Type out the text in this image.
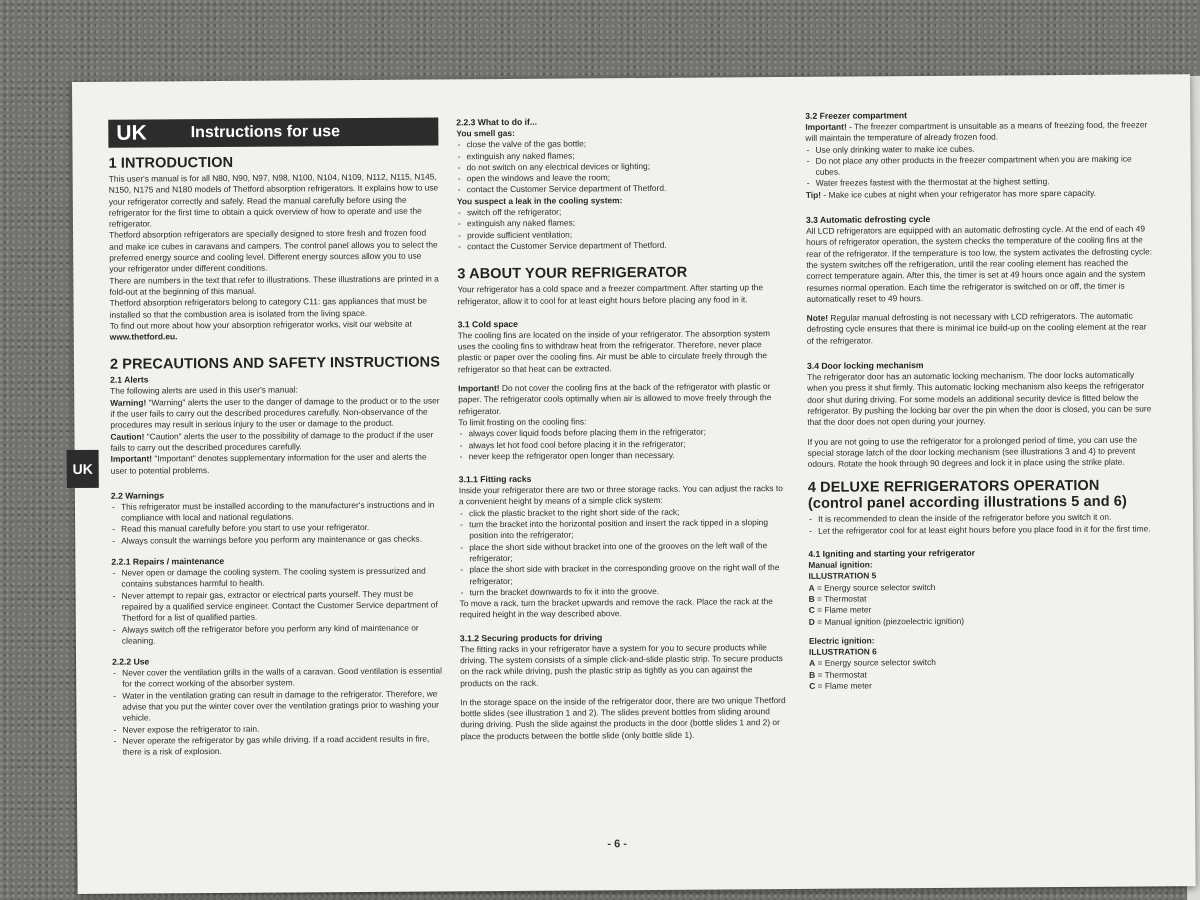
UK
UK	Instructions for use
1 INTRODUCTION

This user's manual is for all N80, N90, N97, N98, N100, N104, N109, N112, N115, N145, N150, N175 and N180 models of Thetford absorption refrigerators. It explains how to use your refrigerator correctly and safely. Read the manual carefully before using the refrigerator for the first time to obtain a quick overview of how to operate and use the refrigerator.

Thetford absorption refrigerators are specially designed to store fresh and frozen food and make ice cubes in caravans and campers. The control panel allows you to select the preferred energy source and cooling level. Different energy sources allow you to use your refrigerator under different conditions.

There are numbers in the text that refer to illustrations. These illustrations are printed in a fold-out at the beginning of this manual.

Thetford absorption refrigerators belong to category C11: gas appliances that must be installed so that the combustion area is isolated from the living space.

To find out more about how your absorption refrigerator works, visit our website at

www.thetford.eu.

2 PRECAUTIONS AND SAFETY INSTRUCTIONS
2.1 Alerts

The following alerts are used in this user's manual:

Warning! "Warning" alerts the user to the danger of damage to the product or to the user if the user fails to carry out the described procedures carefully. Non-observance of the procedures may result in serious injury to the user or damage to the product.

Caution! "Caution" alerts the user to the possibility of damage to the product if the user fails to carry out the described procedures carefully.

Important! "Important" denotes supplementary information for the user and alerts the user to potential problems.

2.2 Warnings
- This refrigerator must be installed according to the manufacturer's instructions and in compliance with local and national regulations.
- Read this manual carefully before you start to use your refrigerator.
- Always consult the warnings before you perform any maintenance or gas checks.
2.2.1 Repairs / maintenance
- Never open or damage the cooling system. The cooling system is pressurized and contains substances harmful to health.
- Never attempt to repair gas, extractor or electrical parts yourself. They must be repaired by a qualified service engineer. Contact the Customer Service department of Thetford for a list of qualified parties.
- Always switch off the refrigerator before you perform any kind of maintenance or cleaning.
2.2.2 Use
- Never cover the ventilation grills in the walls of a caravan. Good ventilation is essential for the correct working of the absorber system.
- Water in the ventilation grating can result in damage to the refrigerator. Therefore, we advise that you put the winter cover over the ventilation gratings prior to washing your vehicle.
- Never expose the refrigerator to rain.
- Never operate the refrigerator by gas while driving. If a road accident results in fire, there is a risk of explosion.
2.2.3 What to do if...

You smell gas:

- close the valve of the gas bottle;
- extinguish any naked flames;
- do not switch on any electrical devices or lighting;
- open the windows and leave the room;
- contact the Customer Service department of Thetford.

You suspect a leak in the cooling system:

- switch off the refrigerator;
- extinguish any naked flames;
- provide sufficient ventilation;
- contact the Customer Service department of Thetford.
3 ABOUT YOUR REFRIGERATOR

Your refrigerator has a cold space and a freezer compartment. After starting up the refrigerator, allow it to cool for at least eight hours before placing any food in it.

3.1 Cold space

The cooling fins are located on the inside of your refrigerator. The absorption system uses the cooling fins to withdraw heat from the refrigerator. Therefore, never place plastic or paper over the cooling fins. Air must be able to circulate freely through the refrigerator so that heat can be extracted.

Important! Do not cover the cooling fins at the back of the refrigerator with plastic or paper. The refrigerator cools optimally when air is allowed to move freely through the refrigerator.

To limit frosting on the cooling fins:

- always cover liquid foods before placing them in the refrigerator;
- always let hot food cool before placing it in the refrigerator;
- never keep the refrigerator open longer than necessary.
3.1.1 Fitting racks

Inside your refrigerator there are two or three storage racks. You can adjust the racks to a convenient height by means of a simple click system:

- click the plastic bracket to the right short side of the rack;
- turn the bracket into the horizontal position and insert the rack tipped in a sloping position into the refrigerator;
- place the short side without bracket into one of the grooves on the left wall of the refrigerator;
- place the short side with bracket in the corresponding groove on the right wall of the refrigerator;
- turn the bracket downwards to fix it into the groove.

To move a rack, turn the bracket upwards and remove the rack. Place the rack at the required height in the way described above.

3.1.2 Securing products for driving

The fitting racks in your refrigerator have a system for you to secure products while driving. The system consists of a simple click-and-slide plastic strip. To secure products on the rack while driving, push the plastic strip as tightly as you can against the products on the rack.

In the storage space on the inside of the refrigerator door, there are two unique Thetford bottle slides (see illustration 1 and 2). The slides prevent bottles from sliding around during driving. Push the slide against the products in the door (bottle slides 1 and 2) or place the products between the bottle slide (only bottle slide 1).

3.2 Freezer compartment

Important! - The freezer compartment is unsuitable as a means of freezing food, the freezer will maintain the temperature of already frozen food.

- Use only drinking water to make ice cubes.
- Do not place any other products in the freezer compartment when you are making ice cubes.
- Water freezes fastest with the thermostat at the highest setting.

Tip! - Make ice cubes at night when your refrigerator has more spare capacity.

3.3 Automatic defrosting cycle

All LCD refrigerators are equipped with an automatic defrosting cycle. At the end of each 49 hours of refrigerator operation, the system checks the temperature of the cooling fins at the rear of the refrigerator. If the temperature is too low, the system activates the defrosting cycle: the system switches off the refrigeration, until the rear cooling element has reached the correct temperature again. After this, the timer is set at 49 hours once again and the system resumes normal operation. Each time the refrigerator is switched on or off, the timer is automatically reset to 49 hours.

Note! Regular manual defrosting is not necessary with LCD refrigerators. The automatic defrosting cycle ensures that there is minimal ice build-up on the cooling element at the rear of the refrigerator.

3.4 Door locking mechanism

The refrigerator door has an automatic locking mechanism. The door locks automatically when you press it shut firmly. This automatic locking mechanism also keeps the refrigerator door shut during driving. For some models an additional security device is fitted below the refrigerator. By pushing the locking bar over the pin when the door is closed, you can be sure that the door does not open during your journey.

If you are not going to use the refrigerator for a prolonged period of time, you can use the special storage latch of the door locking mechanism (see illustrations 3 and 4) to prevent odours. Rotate the hook through 90 degrees and lock it in place using the strike plate.

4 DELUXE REFRIGERATORS OPERATION (control panel according illustrations 5 and 6)
- It is recommended to clean the inside of the refrigerator before you switch it on.
- Let the refrigerator cool for at least eight hours before you place food in it for the first time.
4.1 Igniting and starting your refrigerator

Manual ignition:

ILLUSTRATION 5

A = Energy source selector switch

B = Thermostat

C = Flame meter

D = Manual ignition (piezoelectric ignition)

Electric ignition:

ILLUSTRATION 6

A = Energy source selector switch

B = Thermostat

C = Flame meter

- 6 -
